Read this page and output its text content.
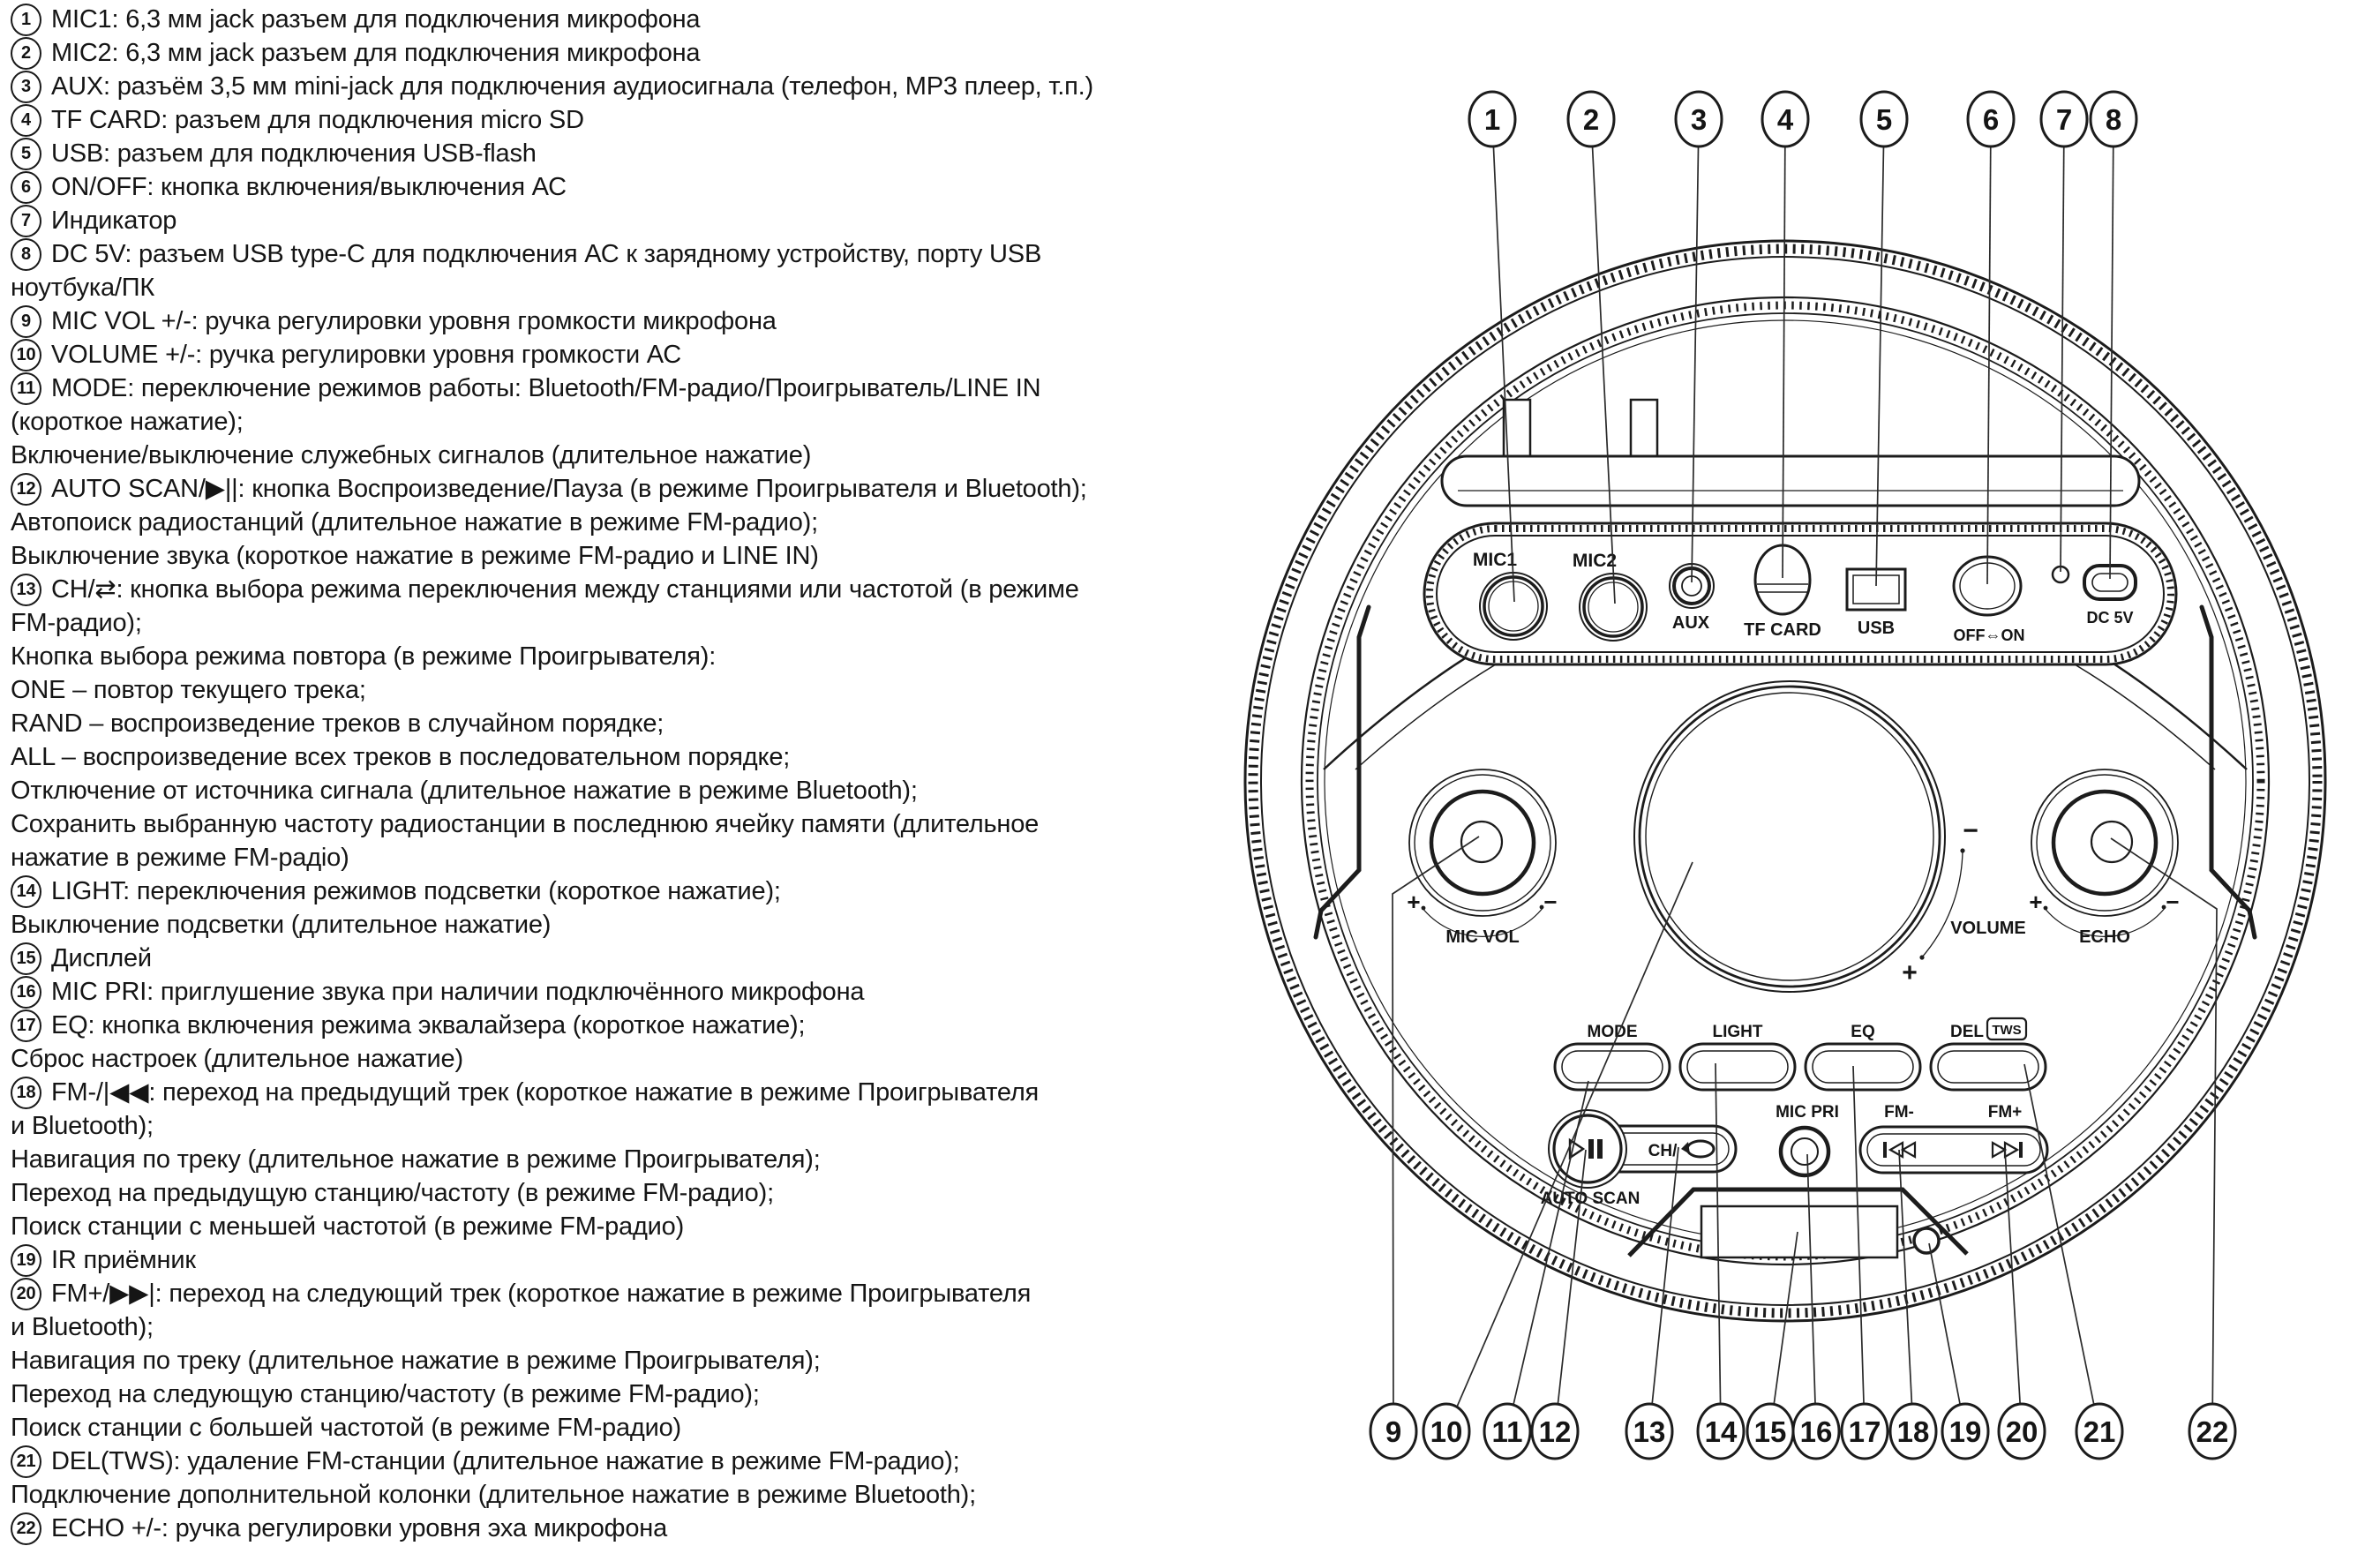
1 MIC1: 6,3 мм jack разъем для подключения микрофона
2 MIC2: 6,3 мм jack разъем для подключения микрофона
3 AUX: разъём 3,5 мм mini-jack для подключения аудиосигнала (телефон, MP3 плеер, т.п.)
4 TF CARD: разъем для подключения micro SD
5 USB: разъем для подключения USB-flash
6 ON/OFF: кнопка включения/выключения АС
7 Индикатор
8 DC 5V: разъем USB type-C для подключения АС к зарядному устройству, порту USB
ноутбука/ПК
9 MIC VOL +/-: ручка регулировки уровня громкости микрофона
10 VOLUME +/-: ручка регулировки уровня громкости АС
11 MODE: переключение режимов работы: Bluetooth/FM-радио/Проигрыватель/LINE IN
(короткое нажатие);
Включение/выключение служебных сигналов (длительное нажатие)
12 AUTO SCAN/▶||: кнопка Воспроизведение/Пауза (в режиме Проигрывателя и Bluetooth);
Автопоиск радиостанций (длительное нажатие в режиме FM-радио);
Выключение звука (короткое нажатие в режиме FM-радио и LINE IN)
13 CH/⇄: кнопка выбора режима переключения между станциями или частотой (в режиме
FM-радио);
Кнопка выбора режима повтора (в режиме Проигрывателя):
ONE – повтор текущего трека;
RAND – воспроизведение треков в случайном порядке;
ALL – воспроизведение всех треков в последовательном порядке;
Отключение от источника сигнала (длительное нажатие в режиме Bluetooth);
Сохранить выбранную частоту радиостанции в последнюю ячейку памяти (длительное
нажатие в режиме FM-радіо)
14 LIGHT: переключения режимов подсветки (короткое нажатие);
Выключение подсветки (длительное нажатие)
15 Дисплей
16 MIC PRI: приглушение звука при наличии подключённого микрофона
17 EQ: кнопка включения режима эквалайзера (короткое нажатие);
Сброс настроек (длительное нажатие)
18 FM-/|◀◀: переход на предыдущий трек (короткое нажатие в режиме Проигрывателя
и Bluetooth);
Навигация по треку (длительное нажатие в режиме Проигрывателя);
Переход на предыдущую станцию/частоту (в режиме FM-радио);
Поиск станции с меньшей частотой (в режиме FM-радио)
19 IR приёмник
20 FM+/▶▶|: переход на следующий трек (короткое нажатие в режиме Проигрывателя
и Bluetooth);
Навигация по треку (длительное нажатие в режиме Проигрывателя);
Переход на следующую станцию/частоту (в режиме FM-радио);
Поиск станции с большей частотой (в режиме FM-радио)
21 DEL(TWS): удаление FM-станции (длительное нажатие в режиме FM-радио);
Подключение дополнительной колонки (длительное нажатие в режиме Bluetooth);
22 ECHO +/-: ручка регулировки уровня эха микрофона
MIC1	MIC2
AUX TF CARD USB	OFF⇔ON
DC 5V
−
+
VOLUME
+	−
MIC VOL
+	−
ECHO
MODE	LIGHT	EQ	DEL TWS
CH/
AUTO SCAN
MIC PRI	FM-	FM+
1	2	3 4	5	6 7 8
9 10 11 12 13 14 15 16 17 18 19 20 21	22
